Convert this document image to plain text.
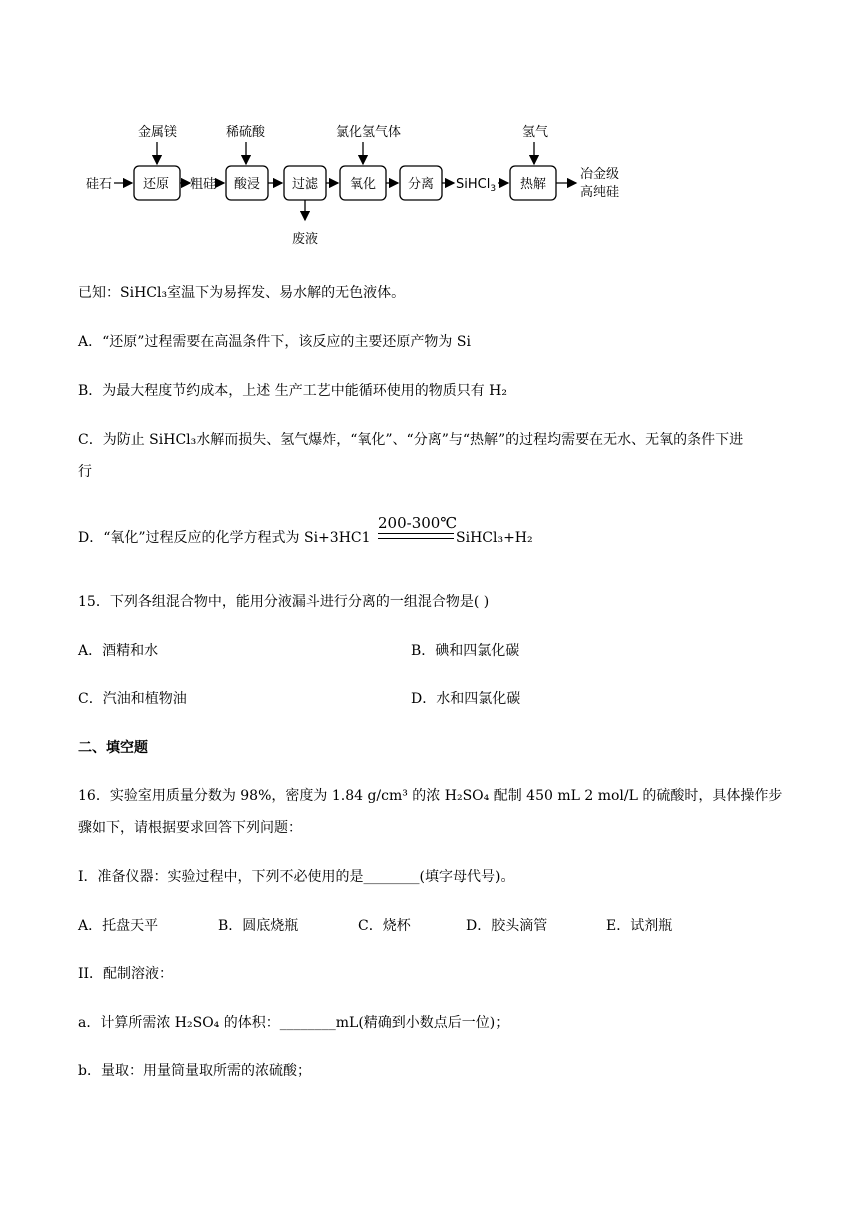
金属镁	稀硫酸	氯化氢气体	氢气
硅石 还原 粗硅 酸浸 过滤
废液
氧化 分离 SiHCl$_3$ 热解
冶金级
高纯硅
已知：SiHCl₃室温下为易挥发、易水解的无色液体。
A．“还原”过程需要在高温条件下，该反应的主要还原产物为 Si
B．为最大程度节约成本，上述 生产工艺中能循环使用的物质只有 H₂
C．为防止 SiHCl₃水解而损失、氢气爆炸，“氧化”、“分离”与“热解”的过程均需要在无水、无氧的条件下进
行
D．“氧化”过程反应的化学方程式为 Si+3HC1
200-300℃
SiHCl₃+H₂
15．下列各组混合物中，能用分液漏斗进行分离的一组混合物是( )
A．酒精和水	B．碘和四氯化碳
C．汽油和植物油	D．水和四氯化碳
二、填空题
16．实验室用质量分数为 98%，密度为 1.84 g/cm³ 的浓 H₂SO₄ 配制 450 mL 2 mol/L 的硫酸时，具体操作步
骤如下，请根据要求回答下列问题：
I．准备仪器：实验过程中，下列不必使用的是________(填字母代号)。
A．托盘天平	B．圆底烧瓶	C．烧杯	D．胶头滴管	E．试剂瓶
II．配制溶液：
a．计算所需浓 H₂SO₄ 的体积：________mL(精确到小数点后一位)；
b．量取：用量筒量取所需的浓硫酸；
